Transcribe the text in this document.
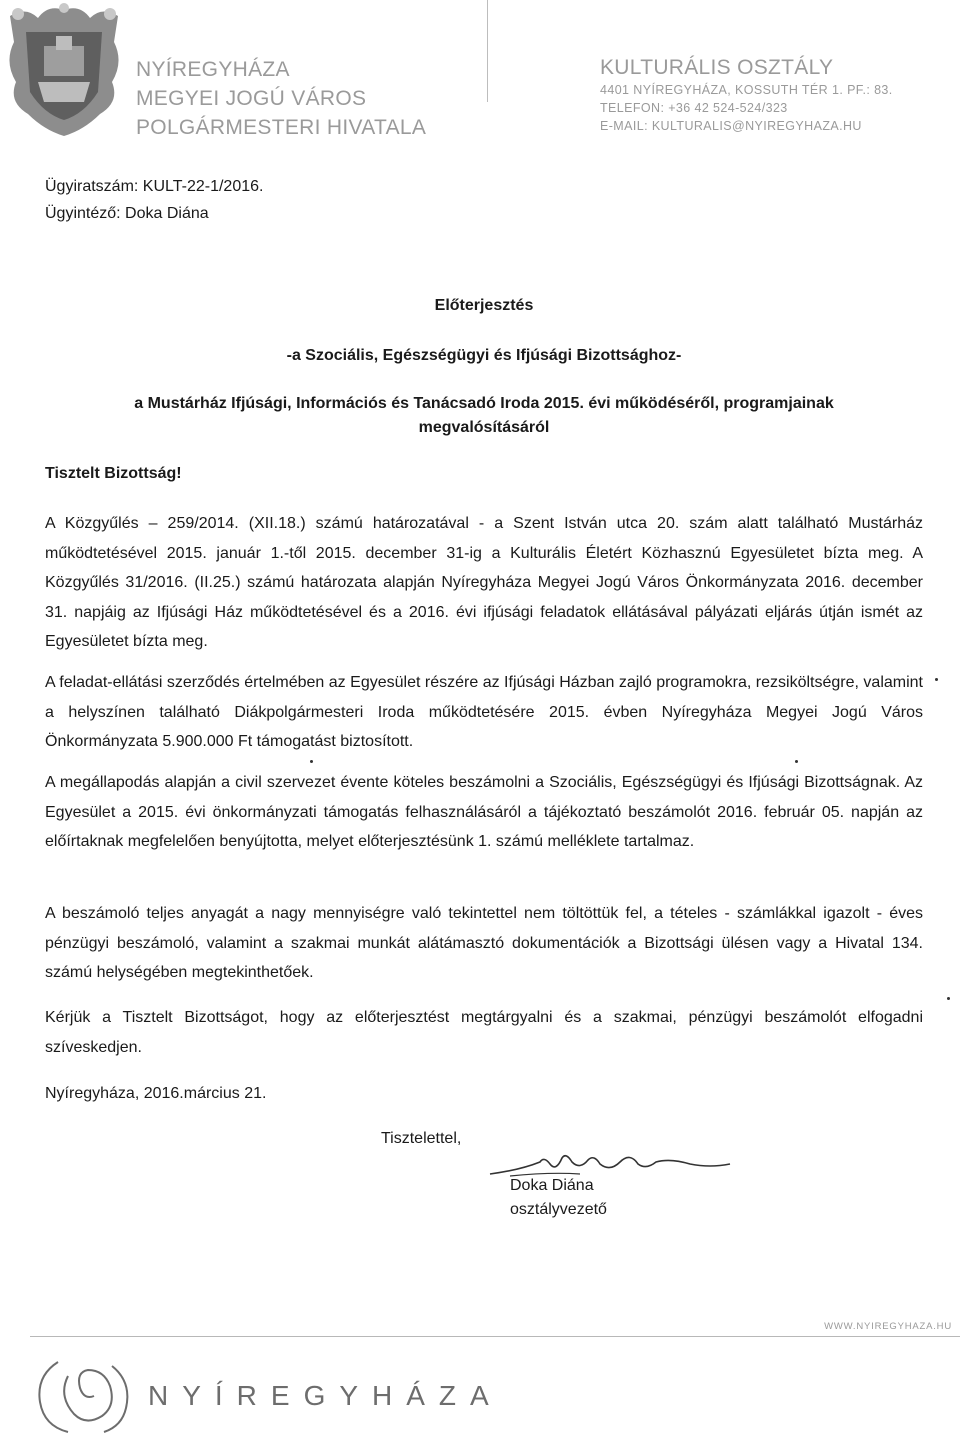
NYÍREGYHÁZA
MEGYEI JOGÚ VÁROS
POLGÁRMESTERI HIVATALA
KULTURÁLIS OSZTÁLY
4401 NYÍREGYHÁZA, KOSSUTH TÉR 1. PF.: 83.
TELEFON: +36 42 524-524/323
E-MAIL: KULTURALIS@NYIREGYHAZA.HU
Ügyiratszám: KULT-22-1/2016.
Ügyintéző: Doka Diána
Előterjesztés
-a Szociális, Egészségügyi és Ifjúsági Bizottsághoz-
a Mustárház Ifjúsági, Információs és Tanácsadó Iroda 2015. évi működéséről, programjainak
megvalósításáról
Tisztelt Bizottság!
A Közgyűlés – 259/2014. (XII.18.) számú határozatával - a Szent István utca 20. szám alatt található Mustárház működtetésével 2015. január 1.-től 2015. december 31-ig a Kulturális Életért Közhasznú Egyesületet bízta meg. A Közgyűlés 31/2016. (II.25.) számú határozata alapján Nyíregyháza Megyei Jogú Város Önkormányzata 2016. december 31. napjáig az Ifjúsági Ház működtetésével és a 2016. évi ifjúsági feladatok ellátásával pályázati eljárás útján ismét az Egyesületet bízta meg.
A feladat-ellátási szerződés értelmében az Egyesület részére az Ifjúsági Házban zajló programokra, rezsiköltségre, valamint a helyszínen található Diákpolgármesteri Iroda működtetésére 2015. évben Nyíregyháza Megyei Jogú Város Önkormányzata 5.900.000 Ft támogatást biztosított.
A megállapodás alapján a civil szervezet évente köteles beszámolni a Szociális, Egészségügyi és Ifjúsági Bizottságnak. Az Egyesület a 2015. évi önkormányzati támogatás felhasználásáról a tájékoztató beszámolót 2016. február 05. napján az előírtaknak megfelelően benyújtotta, melyet előterjesztésünk 1. számú melléklete tartalmaz.
A beszámoló teljes anyagát a nagy mennyiségre való tekintettel nem töltöttük fel, a tételes - számlákkal igazolt - éves pénzügyi beszámoló, valamint a szakmai munkát alátámasztó dokumentációk a Bizottsági ülésen vagy a Hivatal 134. számú helységében megtekinthetőek.
Kérjük a Tisztelt Bizottságot, hogy az előterjesztést megtárgyalni és a szakmai, pénzügyi beszámolót elfogadni szíveskedjen.
Nyíregyháza, 2016.március 21.
Tisztelettel,
Doka Diána
osztályvezető
WWW.NYIREGYHAZA.HU
NYÍREGYHÁZA
